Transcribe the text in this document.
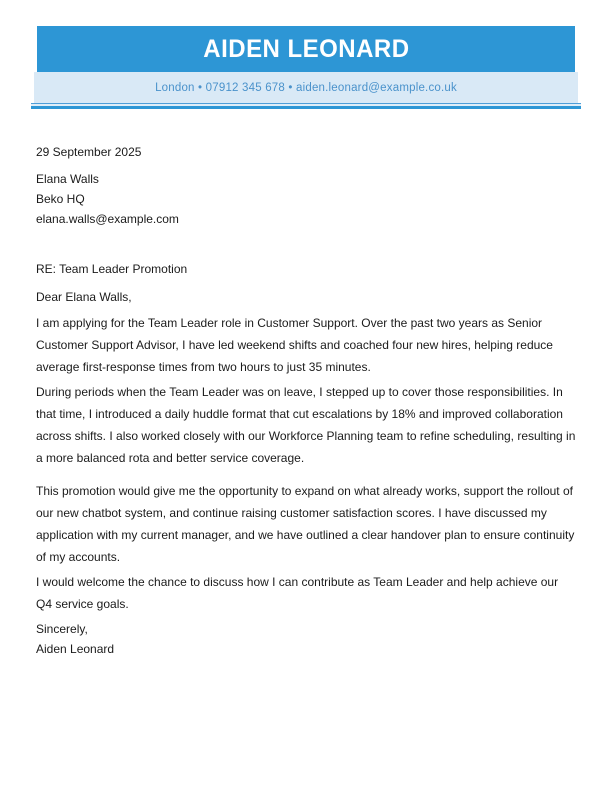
AIDEN LEONARD
London • 07912 345 678 • aiden.leonard@example.co.uk

29 September 2025

Elana Walls
Beko HQ
elana.walls@example.com

RE: Team Leader Promotion

Dear Elana Walls,

I am applying for the Team Leader role in Customer Support. Over the past two years as Senior Customer Support Advisor, I have led weekend shifts and coached four new hires, helping reduce average first-response times from two hours to just 35 minutes.

During periods when the Team Leader was on leave, I stepped up to cover those responsibilities. In that time, I introduced a daily huddle format that cut escalations by 18% and improved collaboration across shifts. I also worked closely with our Workforce Planning team to refine scheduling, resulting in a more balanced rota and better service coverage.

This promotion would give me the opportunity to expand on what already works, support the rollout of our new chatbot system, and continue raising customer satisfaction scores. I have discussed my application with my current manager, and we have outlined a clear handover plan to ensure continuity of my accounts.

I would welcome the chance to discuss how I can contribute as Team Leader and help achieve our Q4 service goals.

Sincerely,
Aiden Leonard
